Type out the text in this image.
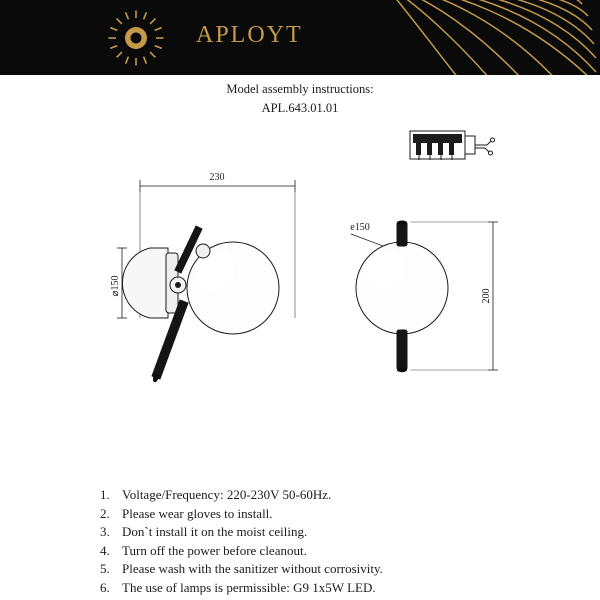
APLOYT
Model assembly instructions:
APL.643.01.01
230
⌀150
e150
200
1. Voltage/Frequency: 220-230V 50-60Hz.
2. Please wear gloves to install.
3. Don`t install it on the moist ceiling.
4. Turn off the power before cleanout.
5. Please wash with the sanitizer without corrosivity.
6. The use of lamps is permissible: G9 1x5W LED.
